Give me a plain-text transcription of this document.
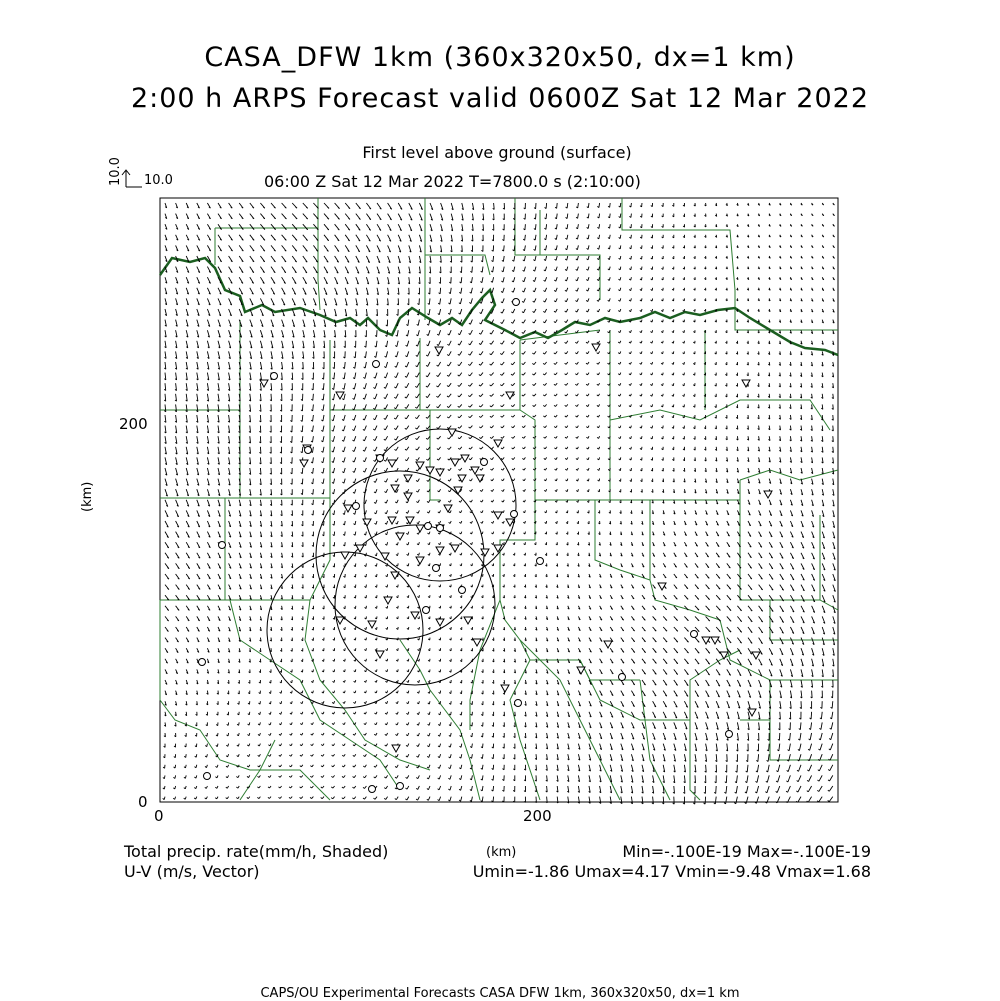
CASA_DFW 1km (360x320x50, dx=1 km)
2:00 h ARPS Forecast valid 0600Z Sat 12 Mar 2022
First level above ground (surface)
06:00 Z Sat 12 Mar 2022 T=7800.0 s (2:10:00)
10.0 10.0
(km)
200
0
0	200
(km)
Total precip. rate(mm/h, Shaded)
U-V (m/s, Vector)
Min=-.100E-19 Max=-.100E-19
Umin=-1.86 Umax=4.17 Vmin=-9.48 Vmax=1.68
CAPS/OU Experimental Forecasts CASA DFW 1km, 360x320x50, dx=1 km
